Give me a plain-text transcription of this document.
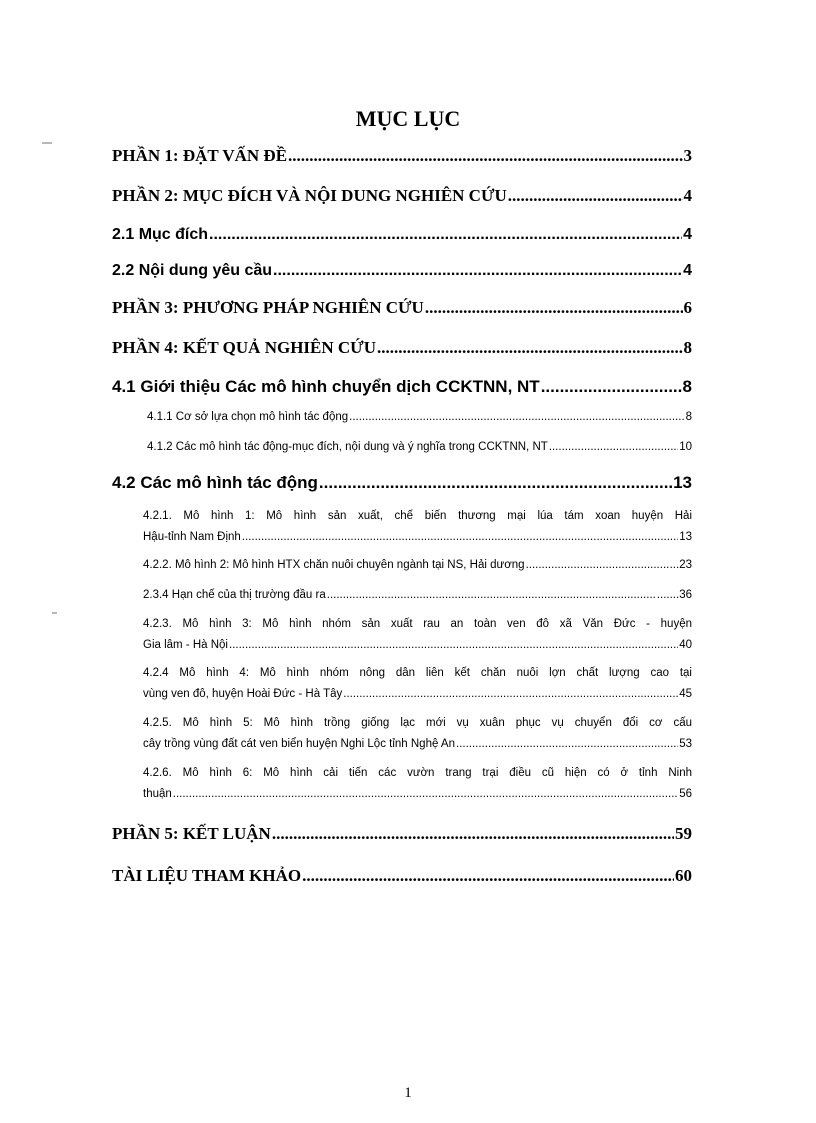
MỤC LỤC
PHẦN 1: ĐẶT VẤN ĐỀ .....	3
PHẦN 2: MỤC ĐÍCH VÀ NỘI DUNG NGHIÊN CỨU .....	4
2.1 Mục đích .....	4
2.2 Nội dung yêu cầu .....	4
PHẦN 3: PHƯƠNG PHÁP NGHIÊN CỨU .....	6
PHẦN 4: KẾT QUẢ NGHIÊN CỨU .....	8
4.1 Giới thiệu Các mô hình chuyển dịch CCKTNN, NT .....	8
4.1.1 Cơ sở lựa chọn mô hình tác động .....	8
4.1.2 Các mô hình tác động-mục đích, nội dung và ý nghĩa trong CCKTNN, NT .....	10
4.2 Các mô hình tác động .....	13
4.2.1. Mô hình 1: Mô hình sản xuất, chế biến thương mại lúa tám xoan huyện Hải
Hậu-tỉnh Nam Định .....	13
4.2.2. Mô hình 2: Mô hình HTX chăn nuôi chuyên ngành tại NS, Hải dương .....	...23
2.3.4 Hạn chế của thị trường đầu ra .....	.......36
4.2.3. Mô hình 3: Mô hình nhóm sản xuất rau an toàn ven đô xã Văn Đức - huyện
Gia lâm - Hà Nội .....	40
4.2.4 Mô hình 4: Mô hình nhóm nông dân liên kết chăn nuôi lợn chất lượng cao tại
vùng ven đô, huyện Hoài Đức - Hà Tây .....	45
4.2.5. Mô hình 5: Mô hình trồng giống lạc mới vụ xuân phục vụ chuyển đổi cơ cấu
cây trồng vùng đất cát ven biển huyện Nghi Lộc tỉnh Nghệ An .....	53
4.2.6. Mô hình 6: Mô hình cải tiến các vườn trang trại điều cũ hiện có ở tỉnh Ninh
thuận .....	56
PHẦN 5: KẾT LUẬN .....	59
TÀI LIỆU THAM KHẢO .....	60
1
